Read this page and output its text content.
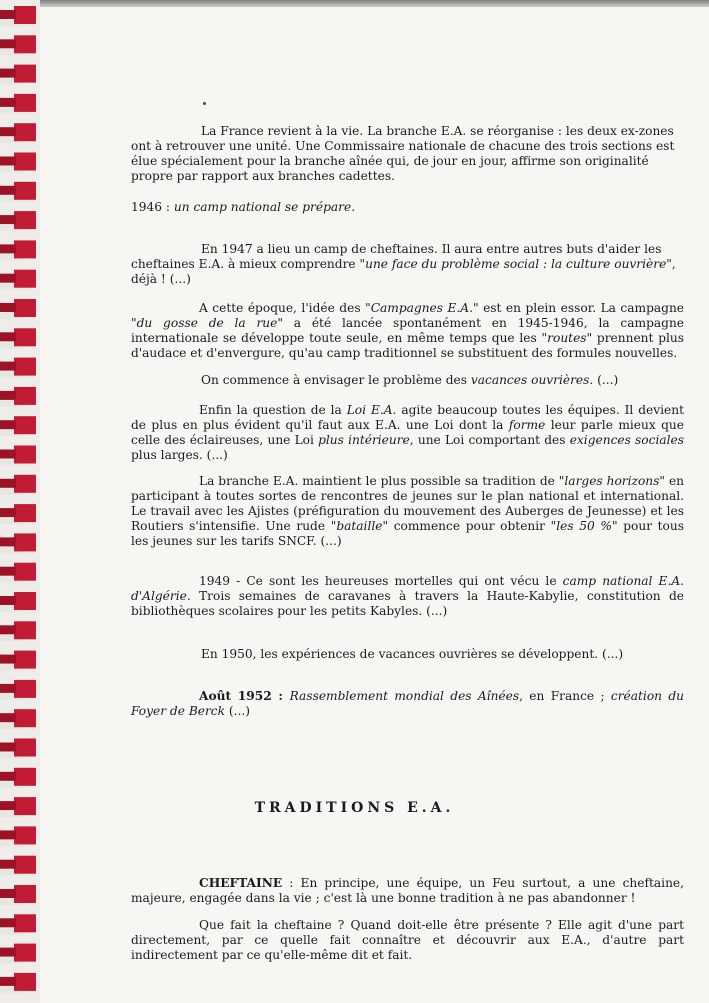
La France revient à la vie. La branche E.A. se réorganise : les deux ex-zones

ont à retrouver une unité. Une Commissaire nationale de chacune des trois sections est

élue spécialement pour la branche aînée qui, de jour en jour, affirme son originalité

propre par rapport aux branches cadettes.

1946 : un camp national se prépare.

En 1947 a lieu un camp de cheftaines. Il aura entre autres buts d'aider les

cheftaines E.A. à mieux comprendre "une face du problème social : la culture ouvrière",

déjà ! (...)

A cette époque, l'idée des "Campagnes E.A." est en plein essor. La campagne "du gosse de la rue" a été lancée spontanément en 1945-1946, la campagne internationale se développe toute seule, en même temps que les "routes" prennent plus d'audace et d'envergure, qu'au camp traditionnel se substituent des formules nouvelles.

On commence à envisager le problème des vacances ouvrières. (...)

Enfin la question de la Loi E.A. agite beaucoup toutes les équipes. Il devient de plus en plus évident qu'il faut aux E.A. une Loi dont la forme leur parle mieux que celle des éclaireuses, une Loi plus intérieure, une Loi comportant des exigences sociales plus larges. (...)

La branche E.A. maintient le plus possible sa tradition de "larges horizons" en participant à toutes sortes de rencontres de jeunes sur le plan national et international. Le travail avec les Ajistes (préfiguration du mouvement des Auberges de Jeunesse) et les Routiers s'intensifie. Une rude "bataille" commence pour obtenir "les 50 %" pour tous les jeunes sur les tarifs SNCF. (...)

1949 - Ce sont les heureuses mortelles qui ont vécu le camp national E.A. d'Algérie. Trois semaines de caravanes à travers la Haute-Kabylie, constitution de bibliothèques scolaires pour les petits Kabyles. (...)

En 1950, les expériences de vacances ouvrières se développent. (...)

Août 1952 : Rassemblement mondial des Aînées, en France ; création du Foyer de Berck (...)

TRADITIONS E.A.

CHEFTAINE : En principe, une équipe, un Feu surtout, a une cheftaine, majeure, engagée dans la vie ; c'est là une bonne tradition à ne pas abandonner !

Que fait la cheftaine ? Quand doit-elle être présente ? Elle agit d'une part directement, par ce quelle fait connaître et découvrir aux E.A., d'autre part indirectement par ce qu'elle-même dit et fait.
